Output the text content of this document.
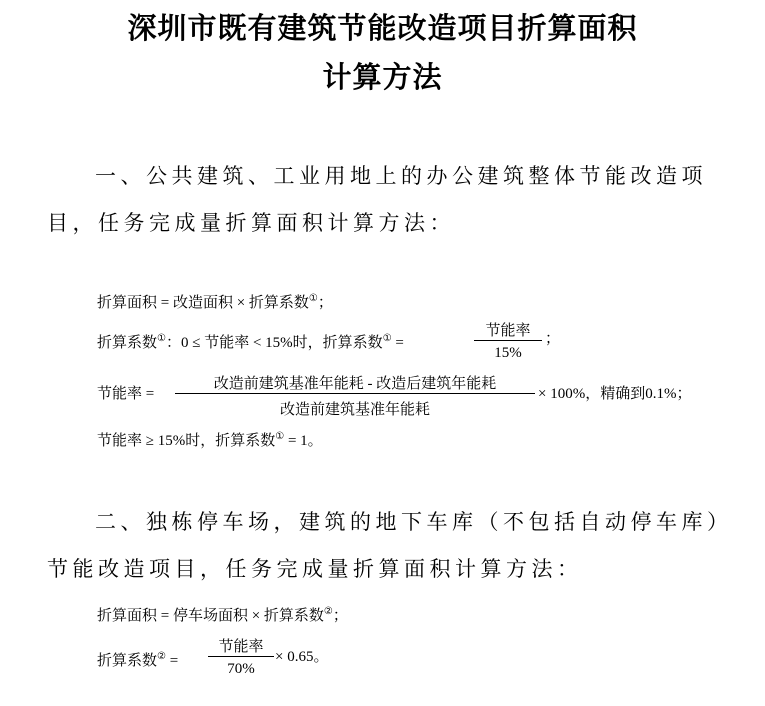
深圳市既有建筑节能改造项目折算面积
计算方法
一、公共建筑、工业用地上的办公建筑整体节能改造项
目，任务完成量折算面积计算方法：
折算面积 = 改造面积 × 折算系数①；
折算系数①：0 ≤ 节能率 < 15%时，折算系数① =
节能率
15%
；
节能率 =
改造前建筑基准年能耗 - 改造后建筑年能耗
改造前建筑基准年能耗
× 100%，精确到0.1%；
节能率 ≥ 15%时，折算系数① = 1。
二、独栋停车场，建筑的地下车库（不包括自动停车库）
节能改造项目，任务完成量折算面积计算方法：
折算面积 = 停车场面积 × 折算系数②；
折算系数② =
节能率
70%
× 0.65。
